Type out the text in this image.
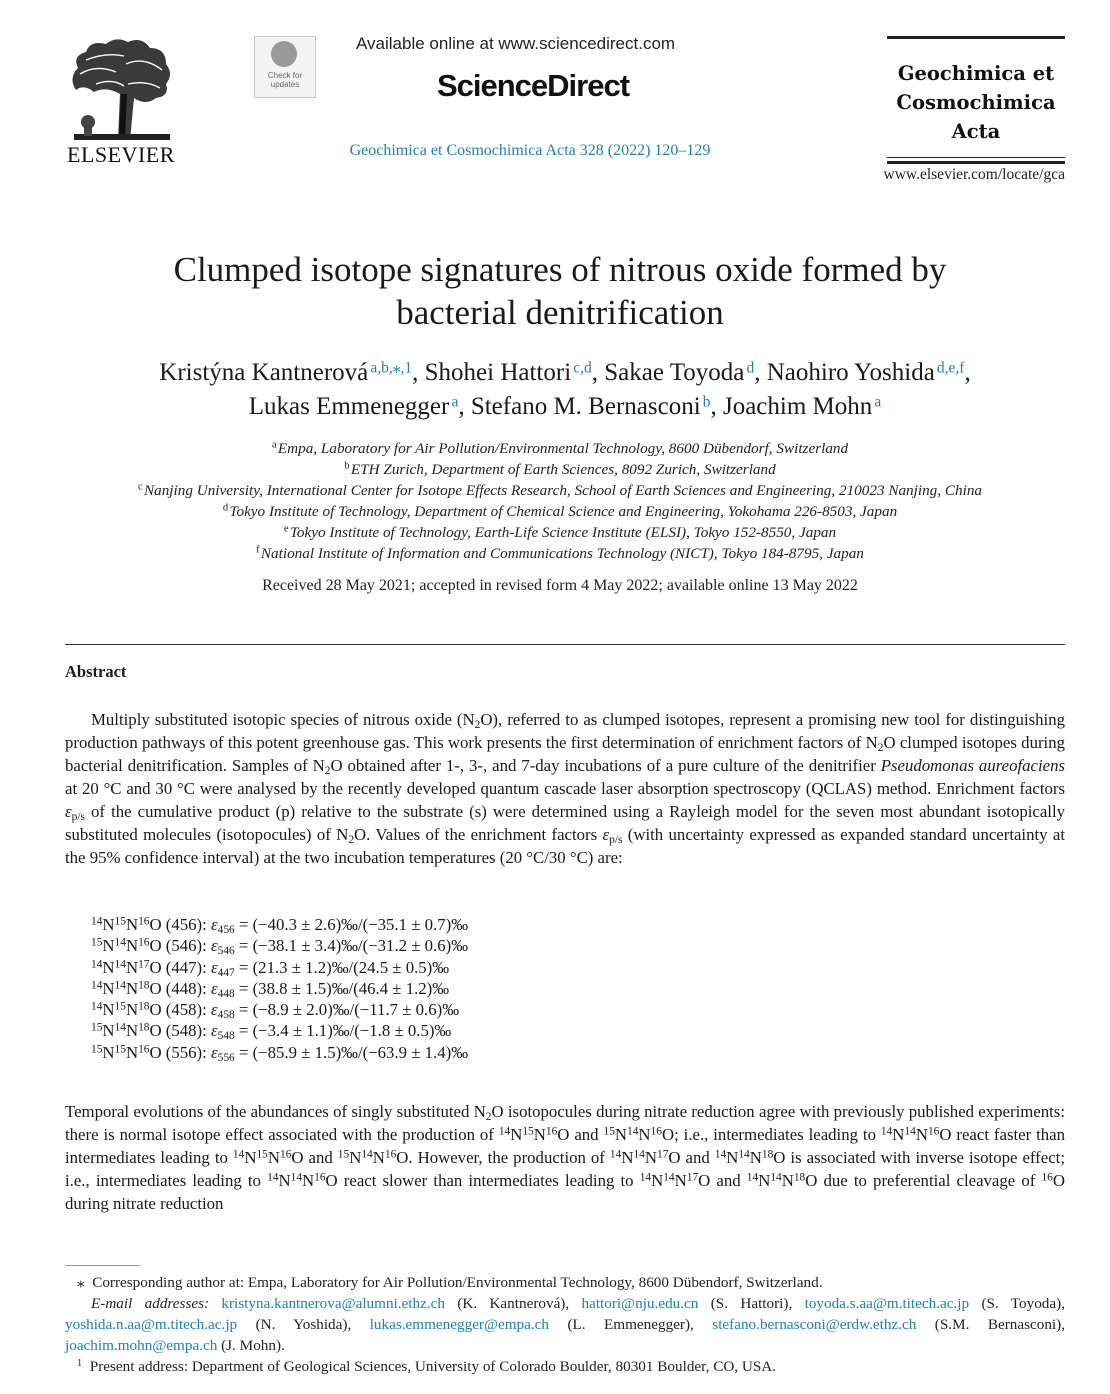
ELSEVIER
Check for
updates
Available online at www.sciencedirect.com
ScienceDirect
Geochimica et Cosmochimica Acta 328 (2022) 120–129
Geochimica et
Cosmochimica
Acta
www.elsevier.com/locate/gca
Clumped isotope signatures of nitrous oxide formed by
bacterial denitrification
Kristýna Kantnerová  $^{a,b,⁎,1}$, Shohei Hattori  $^{c,d}$, Sakae Toyoda  $^d$, Naohiro Yoshida  $^{d,e,f}$,
Lukas Emmenegger  $^a$, Stefano M. Bernasconi  $^b$, Joachim Mohn  $^a$
$^a$ Empa, Laboratory for Air Pollution/Environmental Technology, 8600 Dübendorf, Switzerland
$^b$ ETH Zurich, Department of Earth Sciences, 8092 Zurich, Switzerland
$^c$ Nanjing University, International Center for Isotope Effects Research, School of Earth Sciences and Engineering, 210023 Nanjing, China
$^d$ Tokyo Institute of Technology, Department of Chemical Science and Engineering, Yokohama 226-8503, Japan
$^e$ Tokyo Institute of Technology, Earth-Life Science Institute (ELSI), Tokyo 152-8550, Japan
$^f$ National Institute of Information and Communications Technology (NICT), Tokyo 184-8795, Japan
Received 28 May 2021; accepted in revised form 4 May 2022; available online 13 May 2022
Abstract
Multiply substituted isotopic species of nitrous oxide $(N_2O)$, referred to as clumped isotopes, represent a promising new tool for distinguishing production pathways of this potent greenhouse gas. This work presents the first determination of enrichment factors of $N_2O$ clumped isotopes during bacterial denitrification. Samples of $N_2O$ obtained after 1-, 3-, and 7-day incubations of a pure culture of the denitrifier Pseudomonas aureofaciens at 20 °C and 30 °C were analysed by the recently developed quantum cascade laser absorption spectroscopy (QCLAS) method. Enrichment factors $\varepsilon_{p/s}$ of the cumulative product (p) relative to the substrate (s) were determined using a Rayleigh model for the seven most abundant isotopically substituted molecules (isotopocules) of $N_2O$. Values of the enrichment factors $\varepsilon_{p/s}$ (with uncertainty expressed as expanded standard uncertainty at the 95% confidence interval) at the two incubation temperatures (20 °C/30 °C) are:
$^{14}N^{15}N^{16}O$ (456): $\varepsilon_{456} = (-40.3$ ± 2.6)‰/(−35.1 ± 0.7)‰
$^{15}N^{14}N^{16}O$ (546): $\varepsilon_{546} = (-38.1$ ± 3.4)‰/(−31.2 ± 0.6)‰
$^{14}N^{14}N^{17}O$ (447): $\varepsilon_{447} = (21.3$ ± 1.2)‰/(24.5 ± 0.5)‰
$^{14}N^{14}N^{18}O$ (448): $\varepsilon_{448} = (38.8$ ± 1.5)‰/(46.4 ± 1.2)‰
$^{14}N^{15}N^{18}O$ (458): $\varepsilon_{458} = (-8.9$ ± 2.0)‰/(−11.7 ± 0.6)‰
$^{15}N^{14}N^{18}O$ (548): $\varepsilon_{548} = (-3.4$ ± 1.1)‰/(−1.8 ± 0.5)‰
$^{15}N^{15}N^{16}O$ (556): $\varepsilon_{556} = (-85.9$ ± 1.5)‰/(−63.9 ± 1.4)‰
Temporal evolutions of the abundances of singly substituted $N_2O$ isotopocules during nitrate reduction agree with previously published experiments: there is normal isotope effect associated with the production of $^{14}N^{15}N^{16}O$ and $^{15}N^{14}N^{16}O$; i.e., intermediates leading to $^{14}N^{14}N^{16}O$ react faster than intermediates leading to $^{14}N^{15}N^{16}O$ and $^{15}N^{14}N^{16}O$. However, the production of $^{14}N^{14}N^{17}O$ and $^{14}N^{14}N^{18}O$ is associated with inverse isotope effect; i.e., intermediates leading to $^{14}N^{14}N^{16}O$ react slower than intermediates leading to $^{14}N^{14}N^{17}O$ and $^{14}N^{14}N^{18}O$ due to preferential cleavage of $^{16}$O during nitrate reduction
⁎ Corresponding author at: Empa, Laboratory for Air Pollution/Environmental Technology, 8600 Dübendorf, Switzerland.
E-mail addresses: kristyna.kantnerova@alumni.ethz.ch (K. Kantnerová), hattori@nju.edu.cn (S. Hattori), toyoda.s.aa@m.titech.ac.jp (S. Toyoda), yoshida.n.aa@m.titech.ac.jp (N. Yoshida), lukas.emmenegger@empa.ch (L. Emmenegger), stefano.bernasconi@erdw.ethz.ch (S.M. Bernasconi), joachim.mohn@empa.ch (J. Mohn).
$^1$ Present address: Department of Geological Sciences, University of Colorado Boulder, 80301 Boulder, CO, USA.
